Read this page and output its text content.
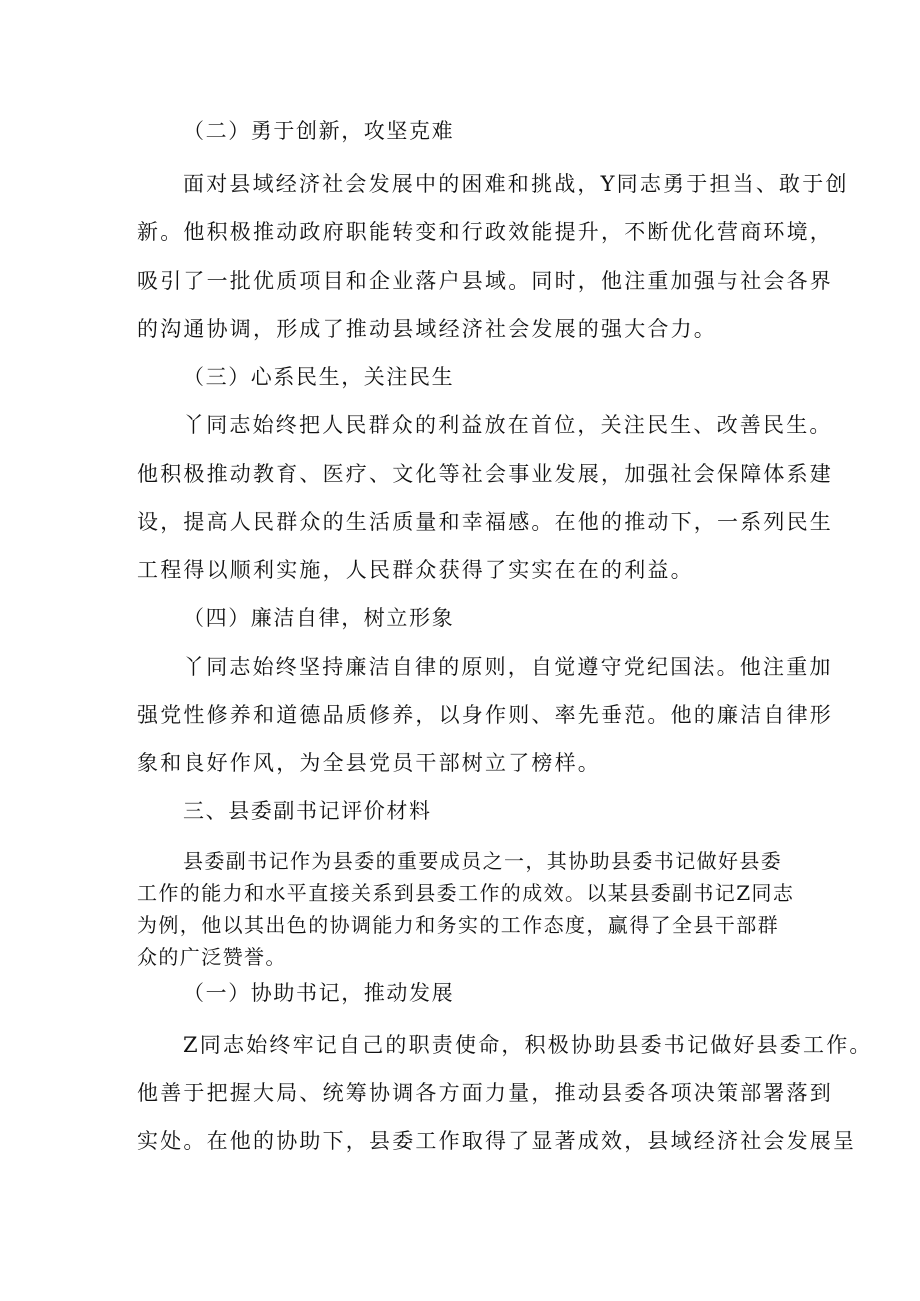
（二）勇于创新，攻坚克难
面对县域经济社会发展中的困难和挑战，Y同志勇于担当、敢于创
新。他积极推动政府职能转变和行政效能提升，不断优化营商环境，
吸引了一批优质项目和企业落户县域。同时，他注重加强与社会各界
的沟通协调，形成了推动县域经济社会发展的强大合力。
（三）心系民生，关注民生
丫同志始终把人民群众的利益放在首位，关注民生、改善民生。
他积极推动教育、医疗、文化等社会事业发展，加强社会保障体系建
设，提高人民群众的生活质量和幸福感。在他的推动下，一系列民生
工程得以顺利实施，人民群众获得了实实在在的利益。
（四）廉洁自律，树立形象
丫同志始终坚持廉洁自律的原则，自觉遵守党纪国法。他注重加
强党性修养和道德品质修养，以身作则、率先垂范。他的廉洁自律形
象和良好作风，为全县党员干部树立了榜样。
三、县委副书记评价材料
县委副书记作为县委的重要成员之一，其协助县委书记做好县委
工作的能力和水平直接关系到县委工作的成效。以某县委副书记Z同志
为例，他以其出色的协调能力和务实的工作态度，赢得了全县干部群
众的广泛赞誉。
（一）协助书记，推动发展
Z同志始终牢记自己的职责使命，积极协助县委书记做好县委工作。
他善于把握大局、统筹协调各方面力量，推动县委各项决策部署落到
实处。在他的协助下，县委工作取得了显著成效，县域经济社会发展呈
